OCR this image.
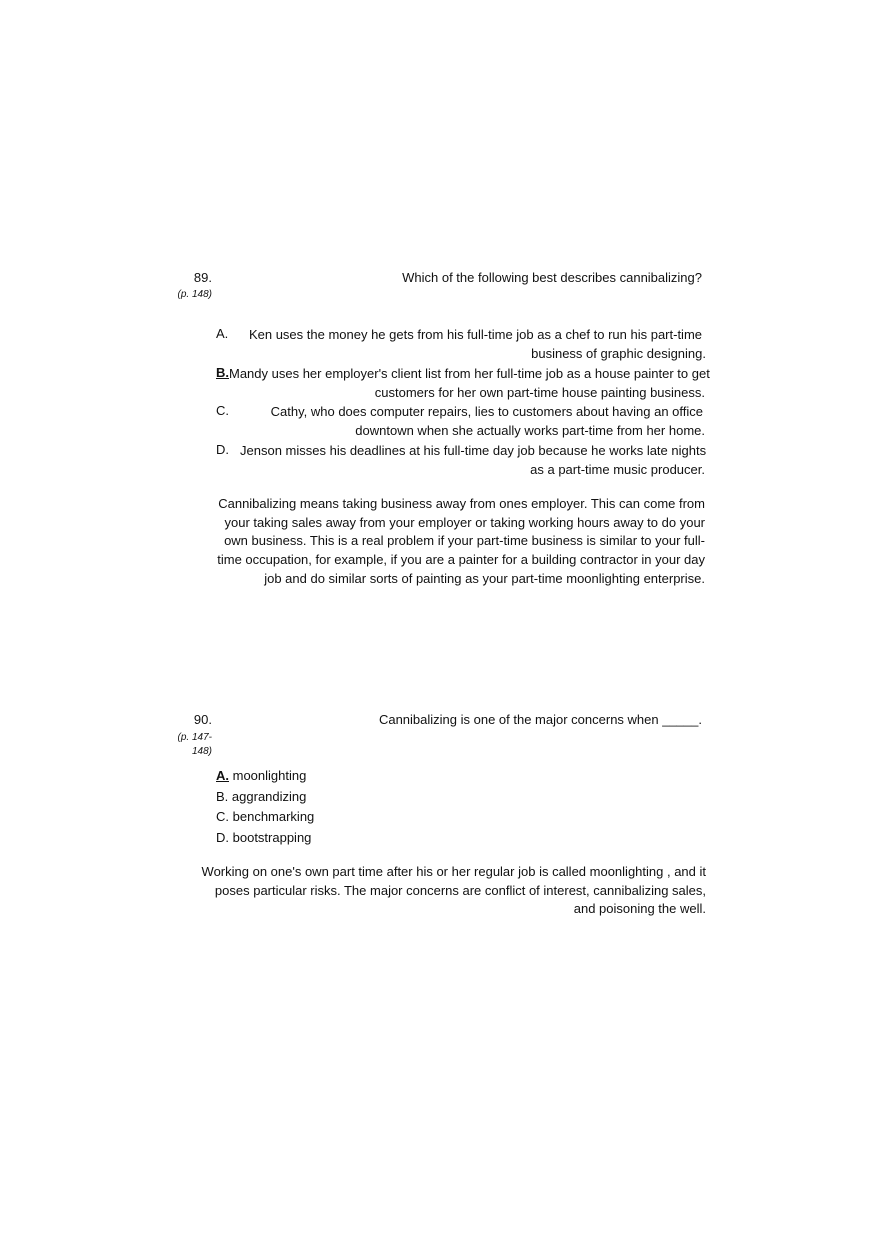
89.
(p. 148)
Which of the following best describes cannibalizing?
A.	Ken uses the money he gets from his full-time job as a chef to run his part-time
business of graphic designing.
B. Mandy uses her employer's client list from her full-time job as a house painter to get
customers for her own part-time house painting business.
C.	Cathy, who does computer repairs, lies to customers about having an office
downtown when she actually works part-time from her home.
D. Jenson misses his deadlines at his full-time day job because he works late nights
as a part-time music producer.
Cannibalizing means taking business away from ones employer. This can come from
your taking sales away from your employer or taking working hours away to do your
own business. This is a real problem if your part-time business is similar to your full-
time occupation, for example, if you are a painter for a building contractor in your day
job and do similar sorts of painting as your part-time moonlighting enterprise.
90.
(p. 147-
148)
Cannibalizing is one of the major concerns when _____.
A. moonlighting
B. aggrandizing
C. benchmarking
D. bootstrapping
Working on one's own part time after his or her regular job is called moonlighting , and it
poses particular risks. The major concerns are conflict of interest, cannibalizing sales,
and poisoning the well.
